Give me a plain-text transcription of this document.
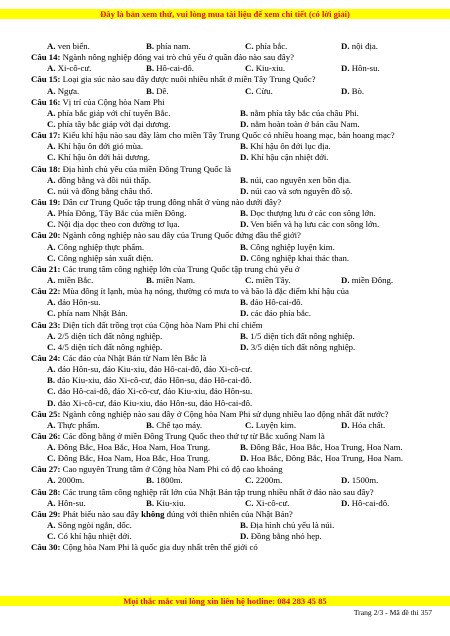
Đây là bản xem thử, vui lòng mua tài liệu để xem chi tiết (có lời giải)
A. ven biển.	B. phía nam.	C. phía bắc.	D. nội địa.
Câu 14: Ngành nông nghiệp đóng vai trò chủ yếu ở quần đảo nào sau đây?
A. Xi-cô-cư.	B. Hô-cai-đô.	C. Kiu-xiu.	D. Hôn-su.
Câu 15: Loại gia súc nào sau đây được nuôi nhiều nhất ở miền Tây Trung Quốc?
A. Ngựa.	B. Dê.	C. Cừu.	D. Bò.
Câu 16: Vị trí của Cộng hòa Nam Phi
A. phía bắc giáp với chí tuyến Bắc.	B. nằm phía tây bắc của châu Phi.
C. phía tây bắc giáp với đại dương.	D. nằm hoàn toàn ở bán cầu Nam.
Câu 17: Kiểu khí hậu nào sau đây làm cho miền Tây Trung Quốc có nhiều hoang mạc, bán hoang mạc?
A. Khí hậu ôn đới gió mùa.	B. Khí hậu ôn đới lục địa.
C. Khí hậu ôn đới hải dương.	D. Khí hậu cận nhiệt đới.
Câu 18: Địa hình chủ yếu của miền Đông Trung Quốc là
A. đồng bằng và đồi núi thấp.	B. núi, cao nguyên xen bồn địa.
C. núi và đồng bằng châu thổ.	D. núi cao và sơn nguyên đồ sộ.
Câu 19: Dân cư Trung Quốc tập trung đông nhất ở vùng nào dưới đây?
A. Phía Đông, Tây Bắc của miền Đông.	B. Dọc thượng lưu ở các con sông lớn.
C. Nội địa dọc theo con đường tơ lụa.	D. Ven biển và hạ lưu các con sông lớn.
Câu 20: Ngành công nghiệp nào sau đây của Trung Quốc đứng đầu thế giới?
A. Công nghiệp thực phẩm.	B. Công nghiệp luyện kim.
C. Công nghiệp sản xuất điện.	D. Công nghiệp khai thác than.
Câu 21: Các trung tâm công nghiệp lớn của Trung Quốc tập trung chủ yếu ở
A. miền Bắc.	B. miền Nam.	C. miền Tây.	D. miền Đông.
Câu 22: Mùa đông ít lạnh, mùa hạ nóng, thường có mưa to và bão là đặc điểm khí hậu của
A. đảo Hôn-su.	B. đảo Hô-cai-đô.
C. phía nam Nhật Bản.	D. các đảo phía bắc.
Câu 23: Diện tích đất trồng trọt của Cộng hòa Nam Phi chỉ chiếm
A. 2/5 diện tích đất nông nghiệp.	B. 1/5 diện tích đất nông nghiệp.
C. 4/5 diện tích đất nông nghiệp.	D. 3/5 diện tích đất nông nghiệp.
Câu 24: Các đảo của Nhật Bản từ Nam lên Bắc là
A. đảo Hôn-su, đảo Kiu-xiu, đảo Hô-cai-đô, đảo Xi-cô-cư.
B. đảo Kiu-xiu, đảo Xi-cô-cư, đảo Hôn-su, đảo Hô-cai-đô.
C. đảo Hô-cai-đô, đảo Xi-cô-cư, đảo Kiu-xiu, đảo Hôn-su.
D. đảo Xi-cô-cư, đảo Kiu-xiu, đảo Hôn-su, đảo Hô-cai-đô.
Câu 25: Ngành công nghiệp nào sau đây ở Cộng hòa Nam Phi sử dụng nhiều lao động nhất đất nước?
A. Thực phẩm.	B. Chế tạo máy.	C. Luyện kim.	D. Hóa chất.
Câu 26: Các đồng bằng ở miền Đông Trung Quốc theo thứ tự từ Bắc xuống Nam là
A. Đông Bắc, Hoa Bắc, Hoa Nam, Hoa Trung.	B. Đông Bắc, Hoa Bắc, Hoa Trung, Hoa Nam.
C. Đông Bắc, Hoa Nam, Hoa Bắc, Hoa Trung.	D. Hoa Bắc, Đông Bắc, Hoa Trung, Hoa Nam.
Câu 27: Cao nguyên Trung tâm ở Cộng hòa Nam Phi có độ cao khoảng
A. 2000m.	B. 1800m.	C. 2200m.	D. 1500m.
Câu 28: Các trung tâm công nghiệp rất lớn của Nhật Bản tập trung nhiều nhất ở đảo nào sau đây?
A. Hôn-su.	B. Kiu-xiu.	C. Xi-cô-cư.	D. Hô-cai-đô.
Câu 29: Phát biểu nào sau đây không đúng với thiên nhiên của Nhật Bản?
A. Sông ngòi ngắn, dốc.	B. Địa hình chủ yếu là núi.
C. Có khí hậu nhiệt đới.	D. Đồng bằng nhỏ hẹp.
Câu 30: Cộng hòa Nam Phi là quốc gia duy nhất trên thế giới có
Mọi thắc mắc vui lòng xin liên hệ hotline: 084 283 45 85
Trang 2/3 - Mã đề thi 357
